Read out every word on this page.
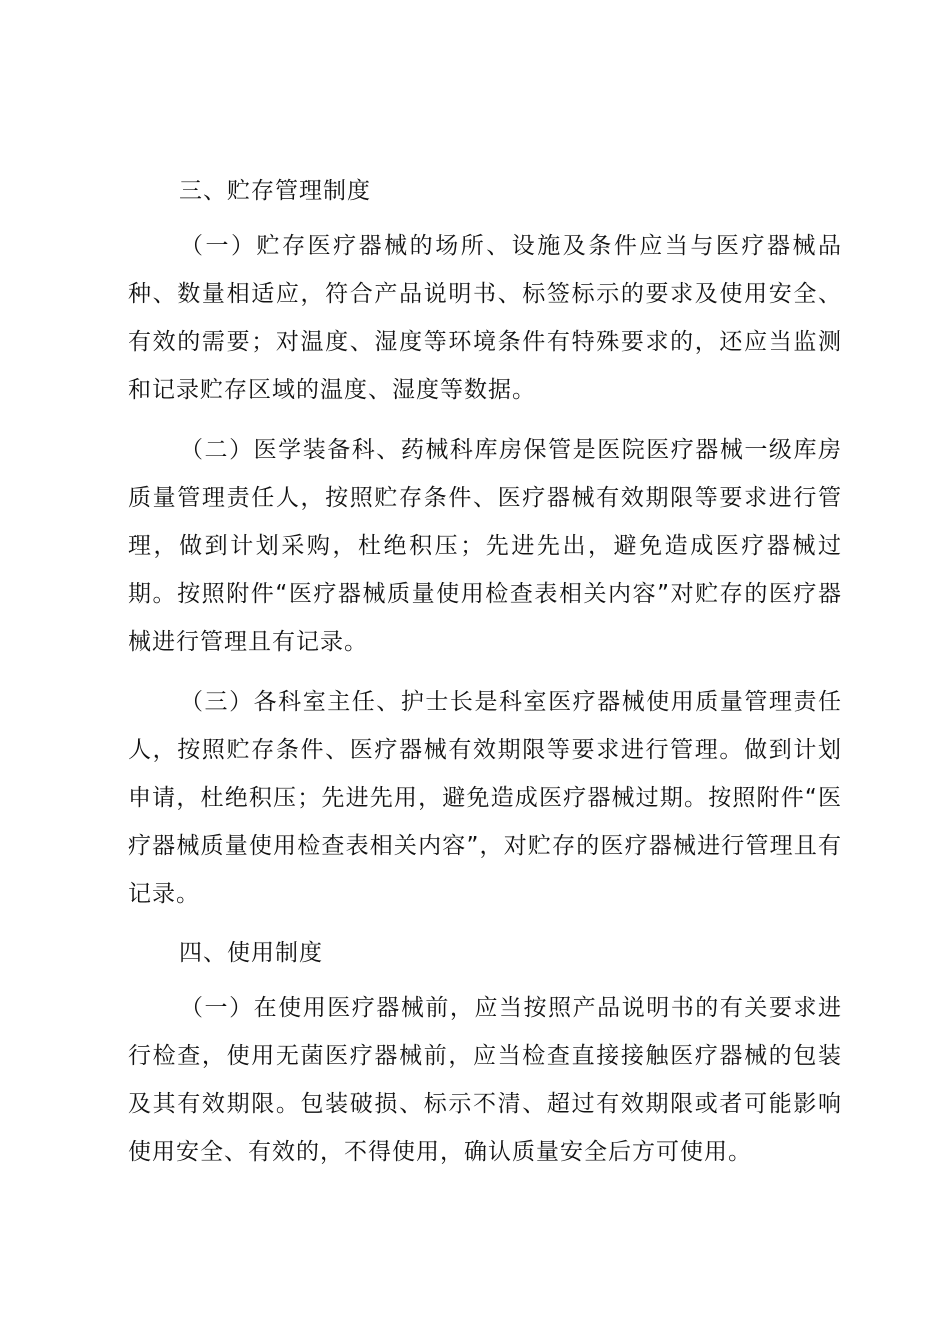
三、贮存管理制度

（一）贮存医疗器械的场所、设施及条件应当与医疗器械品种、数量相适应，符合产品说明书、标签标示的要求及使用安全、有效的需要；对温度、湿度等环境条件有特殊要求的，还应当监测和记录贮存区域的温度、湿度等数据。

（二）医学装备科、药械科库房保管是医院医疗器械一级库房质量管理责任人，按照贮存条件、医疗器械有效期限等要求进行管理，做到计划采购，杜绝积压；先进先出，避免造成医疗器械过期。按照附件“医疗器械质量使用检查表相关内容”对贮存的医疗器械进行管理且有记录。

（三）各科室主任、护士长是科室医疗器械使用质量管理责任人，按照贮存条件、医疗器械有效期限等要求进行管理。做到计划申请，杜绝积压；先进先用，避免造成医疗器械过期。按照附件“医疗器械质量使用检查表相关内容”，对贮存的医疗器械进行管理且有记录。

四、使用制度

（一）在使用医疗器械前，应当按照产品说明书的有关要求进行检查，使用无菌医疗器械前，应当检查直接接触医疗器械的包装及其有效期限。包装破损、标示不清、超过有效期限或者可能影响使用安全、有效的，不得使用，确认质量安全后方可使用。
